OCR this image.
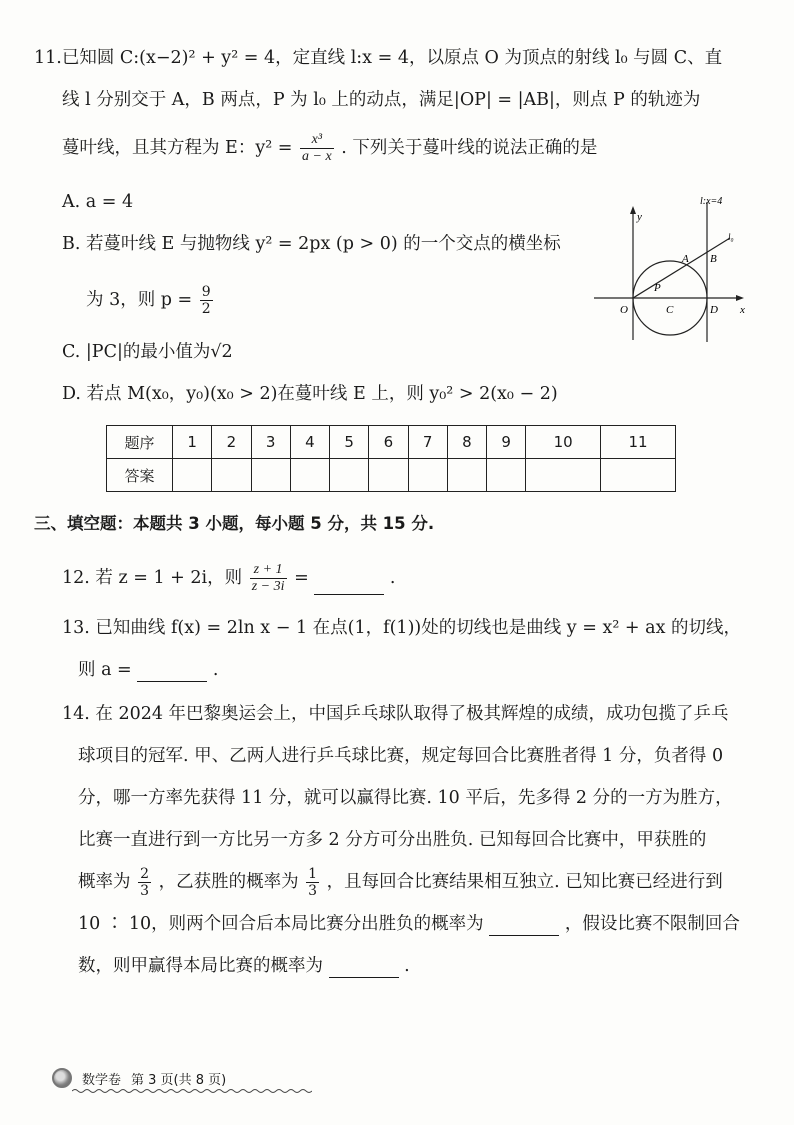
11.已知圆 C:(x−2)² + y² = 4，定直线 l:x = 4，以原点 O 为顶点的射线 l₀ 与圆 C、直
线 l 分别交于 A，B 两点，P 为 l₀ 上的动点，满足|OP| = |AB|，则点 P 的轨迹为
蔓叶线，且其方程为 E：$y^2 = \frac{\text{x³}}{a - x}$ . 下列关于蔓叶线的说法正确的是
A. a = 4
B. 若蔓叶线 E 与抛物线 y² = 2px (p > 0) 的一个交点的横坐标
为 3，则 $p = \frac{9}{2}$
C. |PC|的最小值为√2
D. 若点 M(x₀，y₀)(x₀ > 2)在蔓叶线 E 上，则 y₀² > 2(x₀ − 2)
l:x=4
y
x
O	C	D
P
A B
l₀
题序	1	2	3	4	5	6	7	8	9	10	11
答案											
三、填空题：本题共 3 小题，每小题 5 分，共 15 分.
12. 若 z = 1 + 2i，则 $\frac{z + 1}{z - 3i}$ =	.
13. 已知曲线 f(x) = 2ln x − 1 在点(1，f(1))处的切线也是曲线 y = x² + ax 的切线，
则 a =	.
14. 在 2024 年巴黎奥运会上，中国乒乓球队取得了极其辉煌的成绩，成功包揽了乒乓
球项目的冠军. 甲、乙两人进行乒乓球比赛，规定每回合比赛胜者得 1 分，负者得 0
分，哪一方率先获得 11 分，就可以赢得比赛. 10 平后，先多得 2 分的一方为胜方，
比赛一直进行到一方比另一方多 2 分方可分出胜负. 已知每回合比赛中，甲获胜的
概率为 $\frac{2}{3}$ ，乙获胜的概率为 $\frac{1}{3}$ ，且每回合比赛结果相互独立. 已知比赛已经进行到
10 ∶ 10，则两个回合后本局比赛分出胜负的概率为	，假设比赛不限制回合
数，则甲赢得本局比赛的概率为	.
数学卷 第 3 页(共 8 页)
